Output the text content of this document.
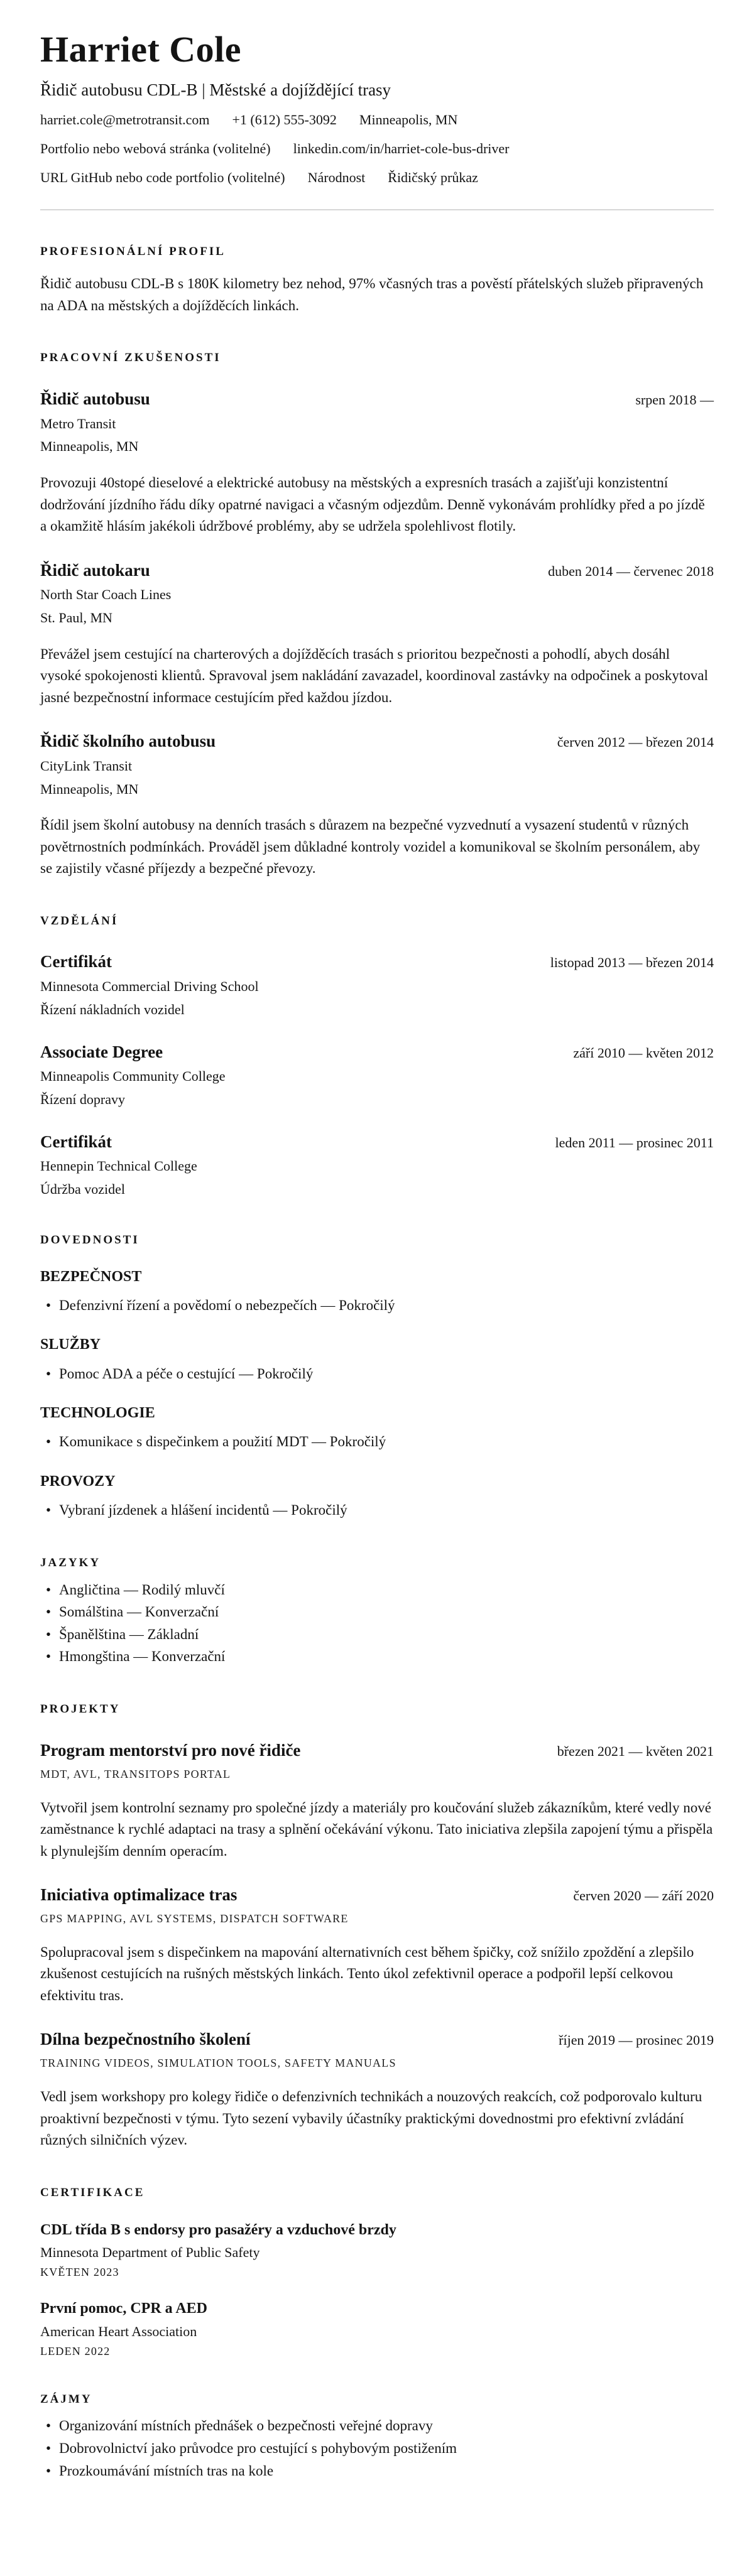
Harriet Cole
Řidič autobusu CDL-B | Městské a dojíždějící trasy
harriet.cole@metrotransit.com +1 (612) 555-3092 Minneapolis, MN
Portfolio nebo webová stránka (volitelné) linkedin.com/in/harriet-cole-bus-driver
URL GitHub nebo code portfolio (volitelné) Národnost Řidičský průkaz
PROFESIONÁLNÍ PROFIL

Řidič autobusu CDL-B s 180K kilometry bez nehod, 97% včasných tras a pověstí přátelských služeb připravených na ADA na městských a dojížděcích linkách.

PRACOVNÍ ZKUŠENOSTI
Řidič autobusu	srpen 2018 —
Metro Transit
Minneapolis, MN

Provozuji 40stopé dieselové a elektrické autobusy na městských a expresních trasách a zajišťuji konzistentní dodržování jízdního řádu díky opatrné navigaci a včasným odjezdům. Denně vykonávám prohlídky před a po jízdě a okamžitě hlásím jakékoli údržbové problémy, aby se udržela spolehlivost flotily.

Řidič autokaru	duben 2014 — červenec 2018
North Star Coach Lines
St. Paul, MN

Převážel jsem cestující na charterových a dojížděcích trasách s prioritou bezpečnosti a pohodlí, abych dosáhl vysoké spokojenosti klientů. Spravoval jsem nakládání zavazadel, koordinoval zastávky na odpočinek a poskytoval jasné bezpečnostní informace cestujícím před každou jízdou.

Řidič školního autobusu	červen 2012 — březen 2014
CityLink Transit
Minneapolis, MN

Řídil jsem školní autobusy na denních trasách s důrazem na bezpečné vyzvednutí a vysazení studentů v různých povětrnostních podmínkách. Prováděl jsem důkladné kontroly vozidel a komunikoval se školním personálem, aby se zajistily včasné příjezdy a bezpečné převozy.

VZDĚLÁNÍ
Certifikát	listopad 2013 — březen 2014
Minnesota Commercial Driving School
Řízení nákladních vozidel
Associate Degree	září 2010 — květen 2012
Minneapolis Community College
Řízení dopravy
Certifikát	leden 2011 — prosinec 2011
Hennepin Technical College
Údržba vozidel
DOVEDNOSTI
BEZPEČNOST
• Defenzivní řízení a povědomí o nebezpečích — Pokročilý
SLUŽBY
• Pomoc ADA a péče o cestující — Pokročilý
TECHNOLOGIE
• Komunikace s dispečinkem a použití MDT — Pokročilý
PROVOZY
• Vybraní jízdenek a hlášení incidentů — Pokročilý
JAZYKY
• Angličtina — Rodilý mluvčí
• Somálština — Konverzační
• Španělština — Základní
• Hmongština — Konverzační
PROJEKTY
Program mentorství pro nové řidiče	březen 2021 — květen 2021
MDT, AVL, TRANSITOPS PORTAL

Vytvořil jsem kontrolní seznamy pro společné jízdy a materiály pro koučování služeb zákazníkům, které vedly nové zaměstnance k rychlé adaptaci na trasy a splnění očekávání výkonu. Tato iniciativa zlepšila zapojení týmu a přispěla k plynulejším denním operacím.

Iniciativa optimalizace tras	červen 2020 — září 2020
GPS MAPPING, AVL SYSTEMS, DISPATCH SOFTWARE

Spolupracoval jsem s dispečinkem na mapování alternativních cest během špičky, což snížilo zpoždění a zlepšilo zkušenost cestujících na rušných městských linkách. Tento úkol zefektivnil operace a podpořil lepší celkovou efektivitu tras.

Dílna bezpečnostního školení	říjen 2019 — prosinec 2019
TRAINING VIDEOS, SIMULATION TOOLS, SAFETY MANUALS

Vedl jsem workshopy pro kolegy řidiče o defenzivních technikách a nouzových reakcích, což podporovalo kulturu proaktivní bezpečnosti v týmu. Tyto sezení vybavily účastníky praktickými dovednostmi pro efektivní zvládání různých silničních výzev.

CERTIFIKACE
CDL třída B s endorsy pro pasažéry a vzduchové brzdy
Minnesota Department of Public Safety
KVĚTEN 2023
První pomoc, CPR a AED
American Heart Association
LEDEN 2022
ZÁJMY
• Organizování místních přednášek o bezpečnosti veřejné dopravy
• Dobrovolnictví jako průvodce pro cestující s pohybovým postižením
• Prozkoumávání místních tras na kole
